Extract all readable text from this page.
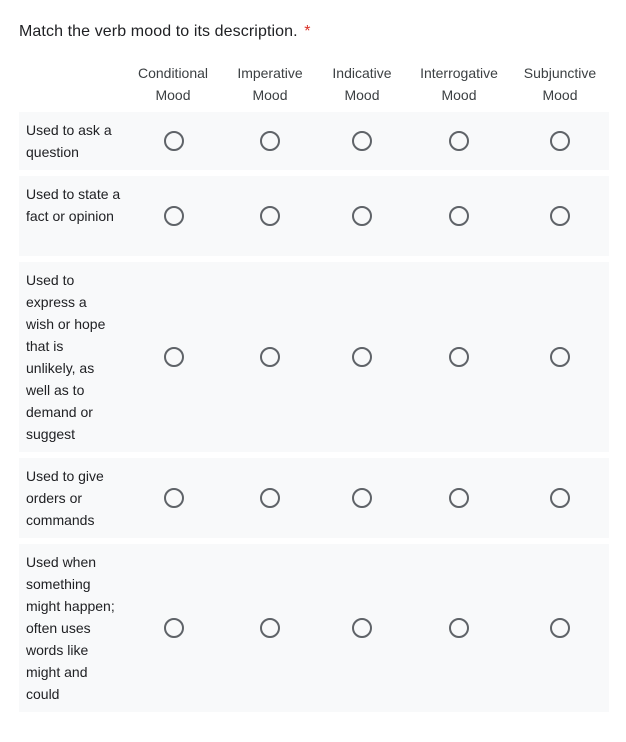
Match the verb mood to its description. *
Conditional
Mood
Imperative
Mood
Indicative
Mood
Interrogative
Mood
Subjunctive
Mood
Used to ask a question
Used to state a fact or opinion
Used to express a wish or hope that is unlikely, as well as to demand or suggest
Used to give orders or commands
Used when something might happen; often uses words like might and could
